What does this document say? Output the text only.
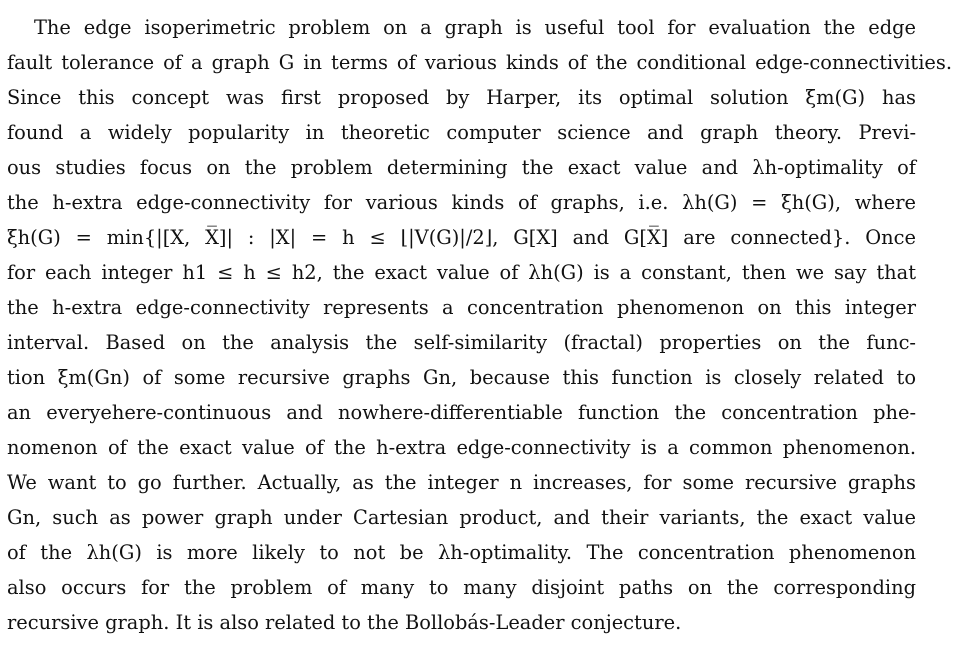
The edge isoperimetric problem on a graph is useful tool for evaluation the edge
fault tolerance of a graph G in terms of various kinds of the conditional edge-connectivities.
Since this concept was first proposed by Harper, its optimal solution ξm(G) has
found a widely popularity in theoretic computer science and graph theory. Previ-
ous studies focus on the problem determining the exact value and λh-optimality of
the h-extra edge-connectivity for various kinds of graphs, i.e. λh(G) = ξh(G), where
ξh(G) = min{|[X, X̅]| : |X| = h ≤ ⌊|V(G)|/2⌋, G[X] and G[X̅] are connected}. Once
for each integer h1 ≤ h ≤ h2, the exact value of λh(G) is a constant, then we say that
the h-extra edge-connectivity represents a concentration phenomenon on this integer
interval. Based on the analysis the self-similarity (fractal) properties on the func-
tion ξm(Gn) of some recursive graphs Gn, because this function is closely related to
an everyehere-continuous and nowhere-differentiable function the concentration phe-
nomenon of the exact value of the h-extra edge-connectivity is a common phenomenon.
We want to go further. Actually, as the integer n increases, for some recursive graphs
Gn, such as power graph under Cartesian product, and their variants, the exact value
of the λh(G) is more likely to not be λh-optimality. The concentration phenomenon
also occurs for the problem of many to many disjoint paths on the corresponding
recursive graph. It is also related to the Bollobás-Leader conjecture.
